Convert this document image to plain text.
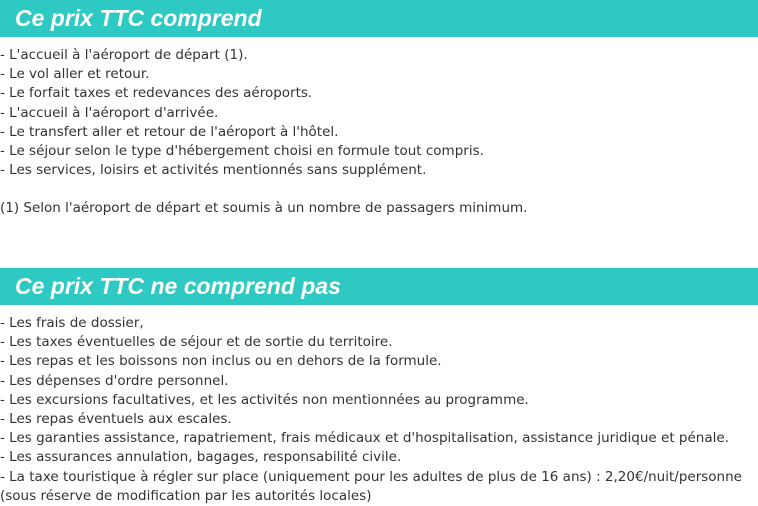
Ce prix TTC comprend
- L'accueil à l'aéroport de départ (1).
- Le vol aller et retour.
- Le forfait taxes et redevances des aéroports.
- L'accueil à l'aéroport d'arrivée.
- Le transfert aller et retour de l'aéroport à l'hôtel.
- Le séjour selon le type d'hébergement choisi en formule tout compris.
- Les services, loisirs et activités mentionnés sans supplément.

(1) Selon l'aéroport de départ et soumis à un nombre de passagers minimum.

Ce prix TTC ne comprend pas
- Les frais de dossier,
- Les taxes éventuelles de séjour et de sortie du territoire.
- Les repas et les boissons non inclus ou en dehors de la formule.
- Les dépenses d'ordre personnel.
- Les excursions facultatives, et les activités non mentionnées au programme.
- Les repas éventuels aux escales.
- Les garanties assistance, rapatriement, frais médicaux et d'hospitalisation, assistance juridique et pénale.
- Les assurances annulation, bagages, responsabilité civile.
- La taxe touristique à régler sur place (uniquement pour les adultes de plus de 16 ans) : 2,20€/nuit/personne
(sous réserve de modification par les autorités locales)
